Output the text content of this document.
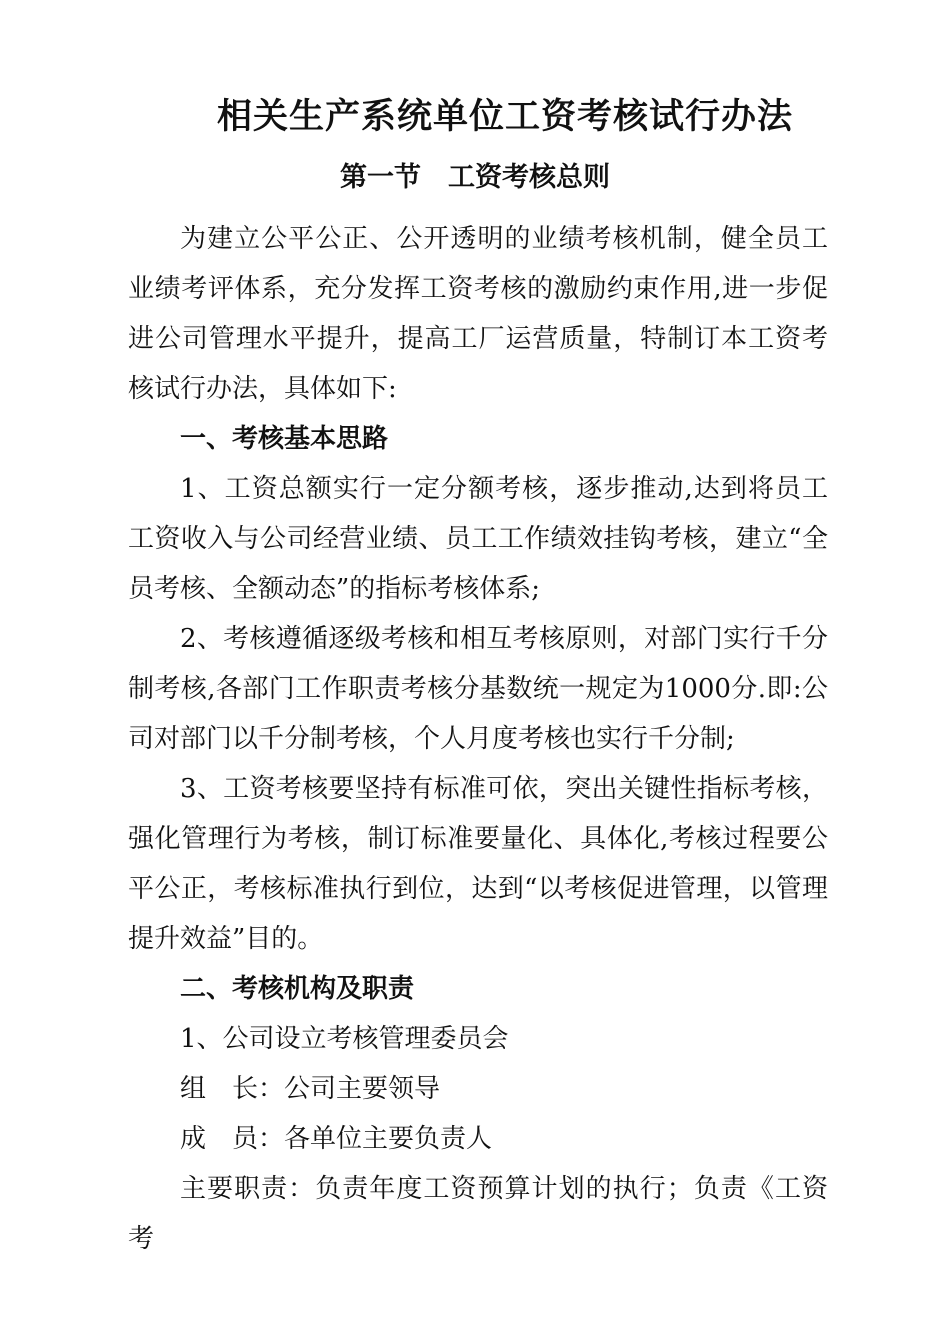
相关生产系统单位工资考核试行办法
第一节　工资考核总则

为建立公平公正、公开透明的业绩考核机制，健全员工业绩考评体系，充分发挥工资考核的激励约束作用,进一步促进公司管理水平提升，提高工厂运营质量，特制订本工资考核试行办法，具体如下:

一、考核基本思路

1、工资总额实行一定分额考核，逐步推动,达到将员工工资收入与公司经营业绩、员工工作绩效挂钩考核，建立“全员考核、全额动态”的指标考核体系;

2、考核遵循逐级考核和相互考核原则，对部门实行千分制考核,各部门工作职责考核分基数统一规定为1000分.即:公司对部门以千分制考核，个人月度考核也实行千分制;

3、工资考核要坚持有标准可依，突出关键性指标考核，强化管理行为考核，制订标准要量化、具体化,考核过程要公平公正，考核标准执行到位，达到“以考核促进管理，以管理提升效益”目的。

二、考核机构及职责

1、公司设立考核管理委员会

组　长：公司主要领导

成　员：各单位主要负责人

主要职责：负责年度工资预算计划的执行；负责《工资考
